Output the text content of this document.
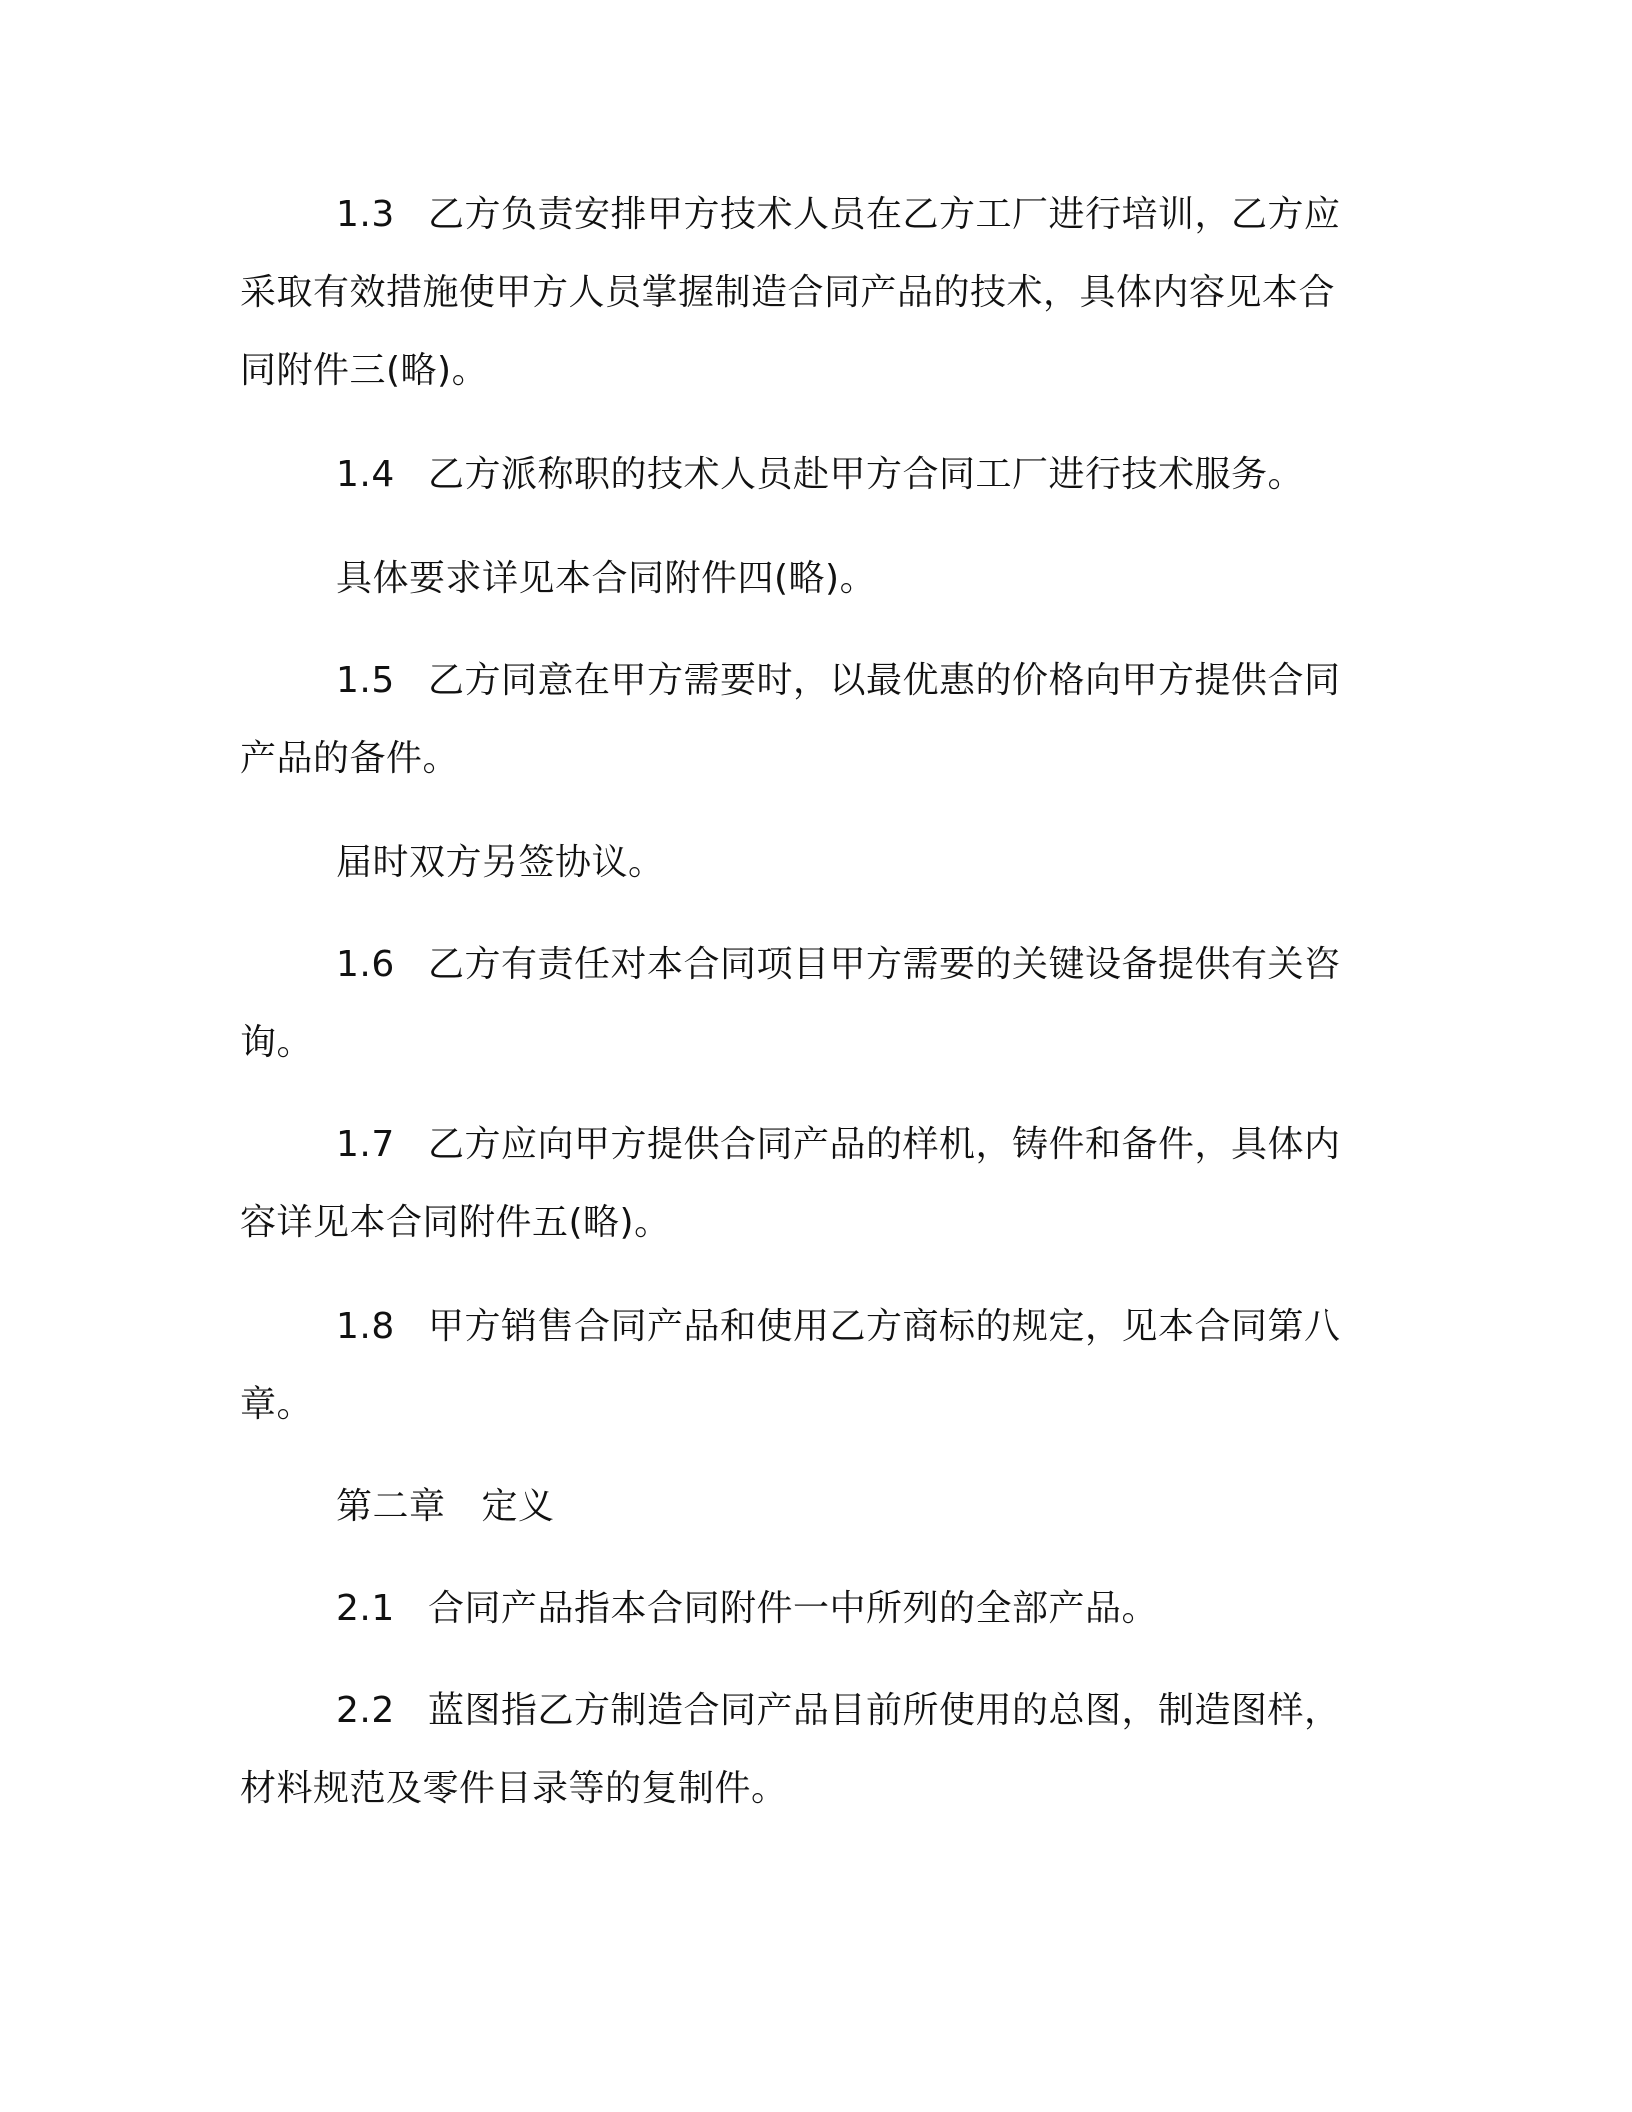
1.3 乙方负责安排甲方技术人员在乙方工厂进行培训，乙方应采取有效措施使甲方人员掌握制造合同产品的技术，具体内容见本合同附件三(略)。

1.4 乙方派称职的技术人员赴甲方合同工厂进行技术服务。

具体要求详见本合同附件四(略)。

1.5 乙方同意在甲方需要时，以最优惠的价格向甲方提供合同产品的备件。

届时双方另签协议。

1.6 乙方有责任对本合同项目甲方需要的关键设备提供有关咨询。

1.7 乙方应向甲方提供合同产品的样机，铸件和备件，具体内容详见本合同附件五(略)。

1.8 甲方销售合同产品和使用乙方商标的规定，见本合同第八章。

第二章 定义

2.1 合同产品指本合同附件一中所列的全部产品。

2.2 蓝图指乙方制造合同产品目前所使用的总图，制造图样，材料规范及零件目录等的复制件。
